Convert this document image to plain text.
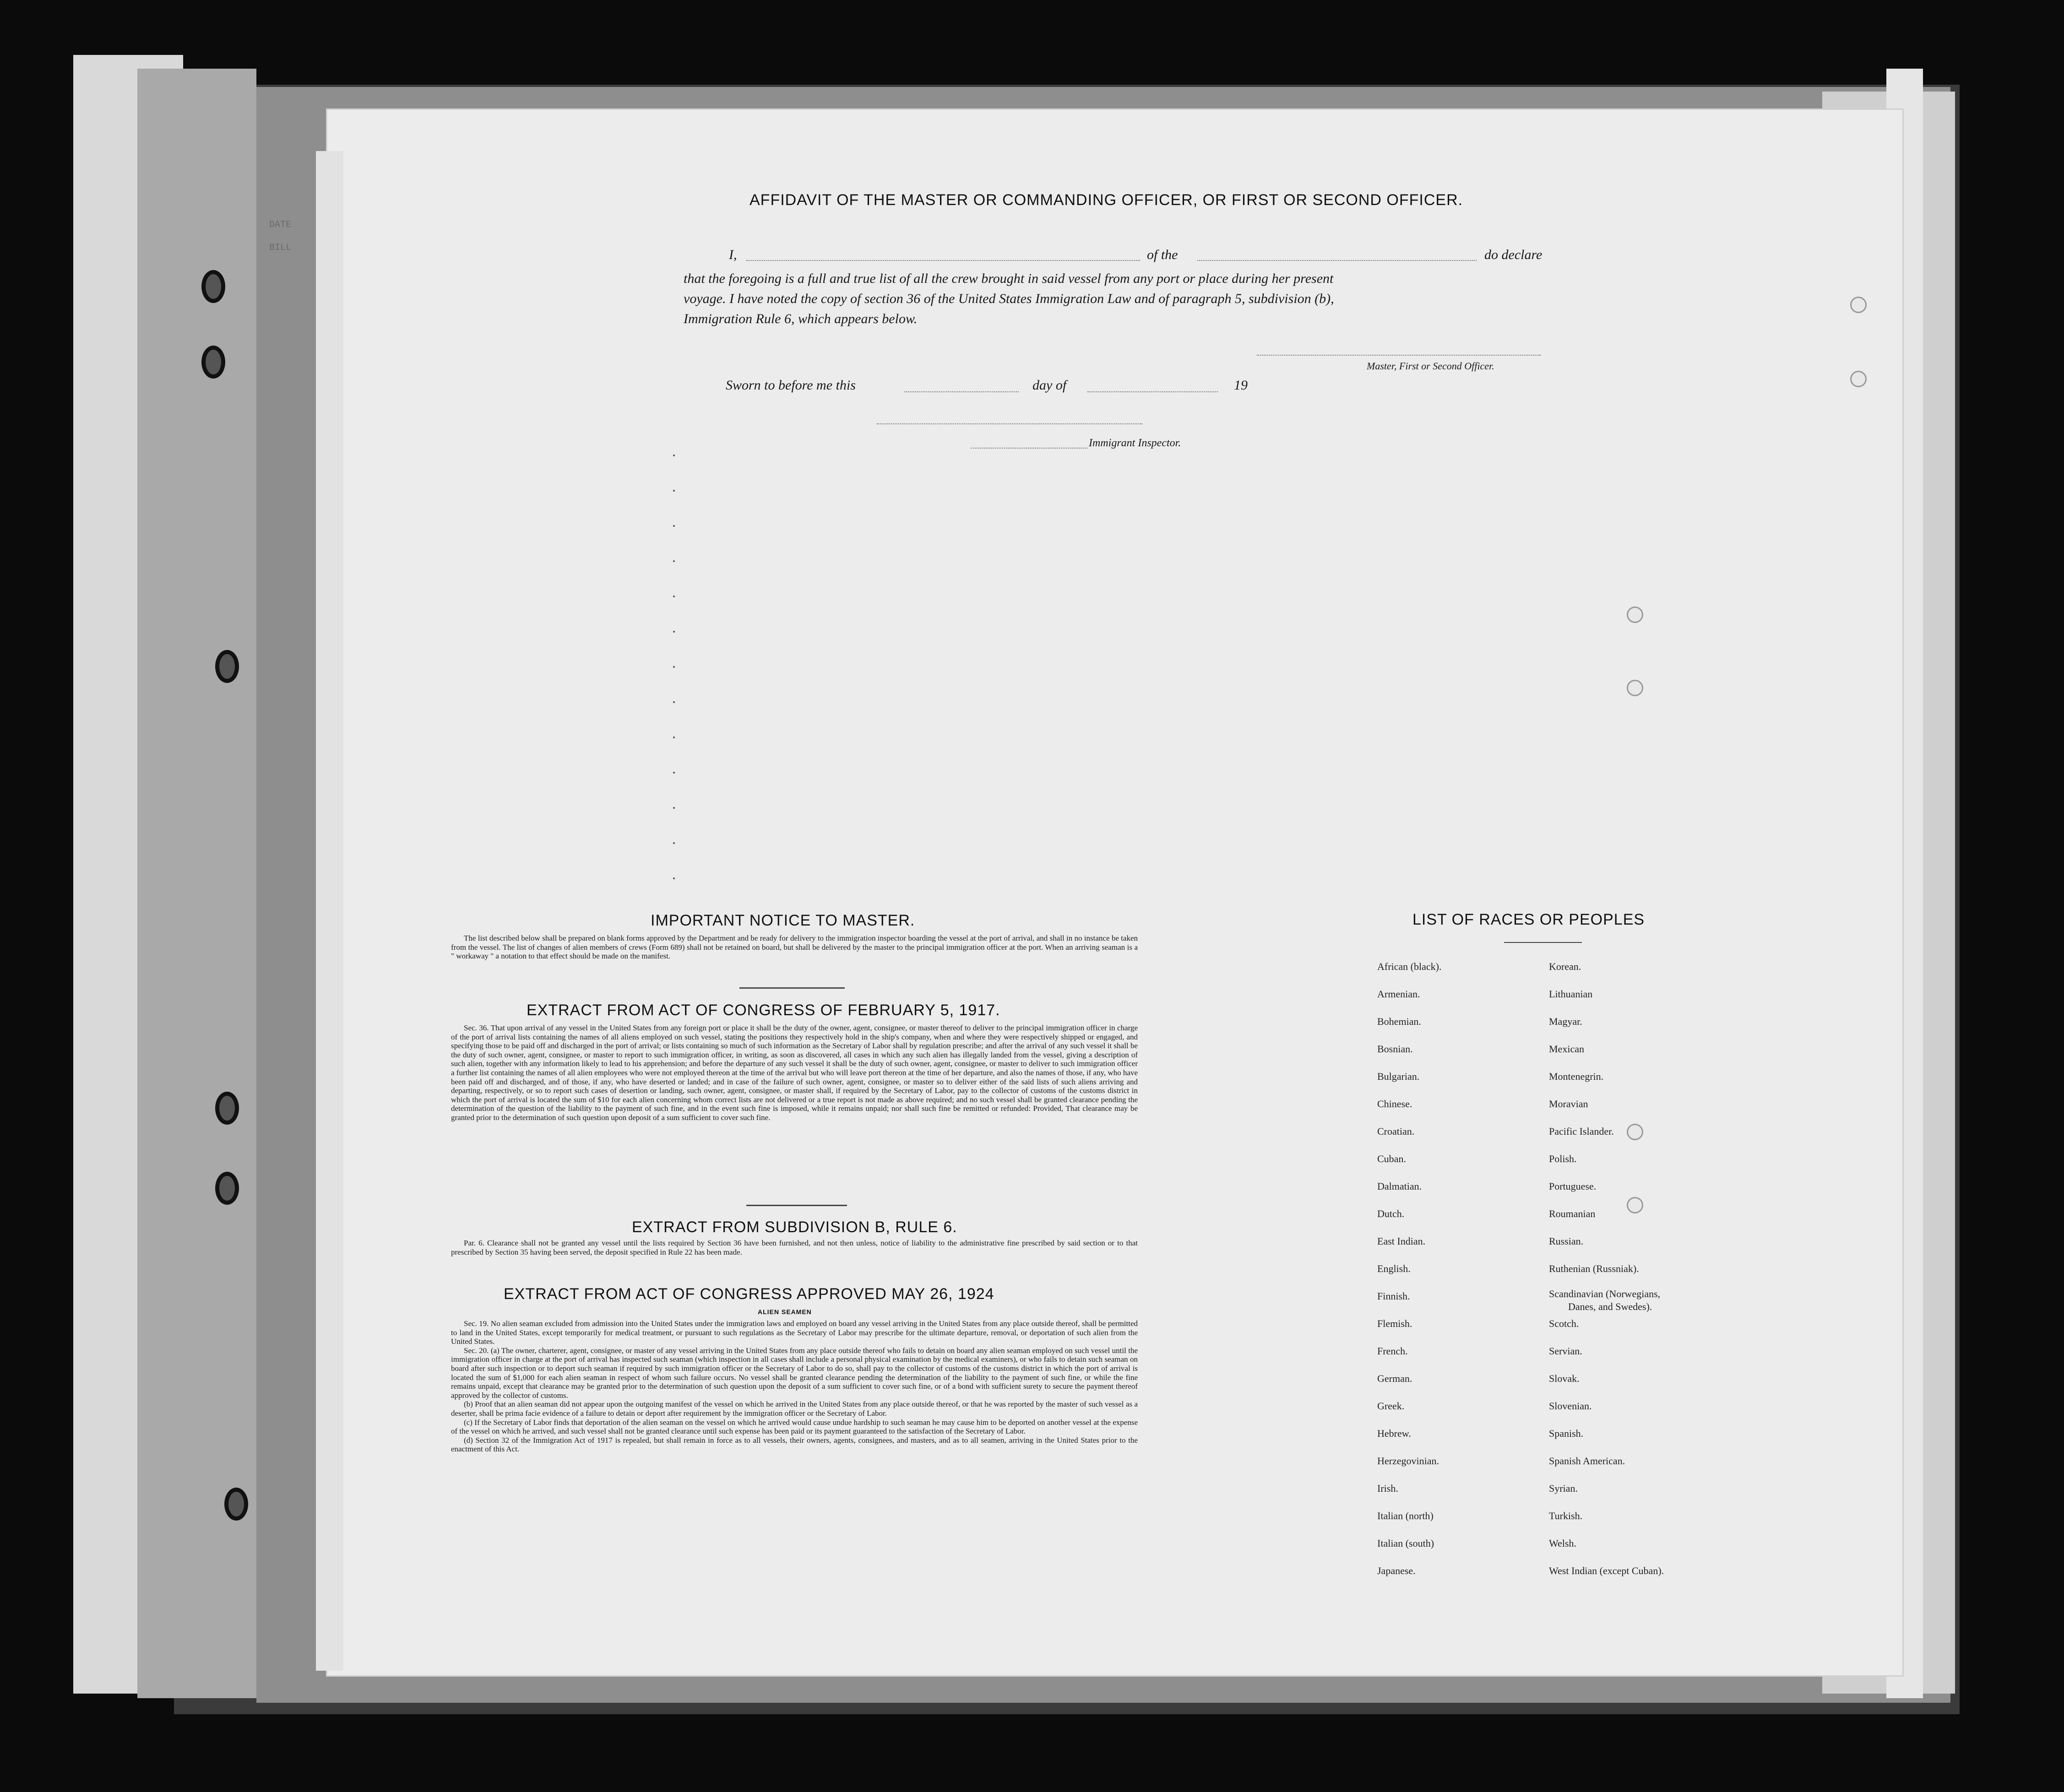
DATE
BILL
AFFIDAVIT OF THE MASTER OR COMMANDING OFFICER, OR FIRST OR SECOND OFFICER.
I,	of the	do declare
that the foregoing is a full and true list of all the crew brought in said vessel from any port or place during her present
voyage. I have noted the copy of section 36 of the United States Immigration Law and of paragraph 5, subdivision (b),
Immigration Rule 6, which appears below.
Master, First or Second Officer.
Sworn to before me this	day of	19
Immigrant Inspector.
IMPORTANT NOTICE TO MASTER.

The list described below shall be prepared on blank forms approved by the Department and be ready for delivery to the immigration inspector boarding the vessel at the port of arrival, and shall in no instance be taken from the vessel. The list of changes of alien members of crews (Form 689) shall not be retained on board, but shall be delivered by the master to the principal immigration officer at the port. When an arriving seaman is a " workaway " a notation to that effect should be made on the manifest.

EXTRACT FROM ACT OF CONGRESS OF FEBRUARY 5, 1917.

Sec. 36. That upon arrival of any vessel in the United States from any foreign port or place it shall be the duty of the owner, agent, consignee, or master thereof to deliver to the principal immigration officer in charge of the port of arrival lists containing the names of all aliens employed on such vessel, stating the positions they respectively hold in the ship's company, when and where they were respectively shipped or engaged, and specifying those to be paid off and discharged in the port of arrival; or lists containing so much of such information as the Secretary of Labor shall by regulation prescribe; and after the arrival of any such vessel it shall be the duty of such owner, agent, consignee, or master to report to such immigration officer, in writing, as soon as discovered, all cases in which any such alien has illegally landed from the vessel, giving a description of such alien, together with any information likely to lead to his apprehension; and before the departure of any such vessel it shall be the duty of such owner, agent, consignee, or master to deliver to such immigration officer a further list containing the names of all alien employees who were not employed thereon at the time of the arrival but who will leave port thereon at the time of her departure, and also the names of those, if any, who have been paid off and discharged, and of those, if any, who have deserted or landed; and in case of the failure of such owner, agent, consignee, or master so to deliver either of the said lists of such aliens arriving and departing, respectively, or so to report such cases of desertion or landing, such owner, agent, consignee, or master shall, if required by the Secretary of Labor, pay to the collector of customs of the customs district in which the port of arrival is located the sum of $10 for each alien concerning whom correct lists are not delivered or a true report is not made as above required; and no such vessel shall be granted clearance pending the determination of the question of the liability to the payment of such fine, and in the event such fine is imposed, while it remains unpaid; nor shall such fine be remitted or refunded: Provided, That clearance may be granted prior to the determination of such question upon deposit of a sum sufficient to cover such fine.

EXTRACT FROM SUBDIVISION B, RULE 6.

Par. 6. Clearance shall not be granted any vessel until the lists required by Section 36 have been furnished, and not then unless, notice of liability to the administrative fine prescribed by said section or to that prescribed by Section 35 having been served, the deposit specified in Rule 22 has been made.

EXTRACT FROM ACT OF CONGRESS APPROVED MAY 26, 1924
ALIEN SEAMEN

Sec. 19. No alien seaman excluded from admission into the United States under the immigration laws and employed on board any vessel arriving in the United States from any place outside thereof, shall be permitted to land in the United States, except temporarily for medical treatment, or pursuant to such regulations as the Secretary of Labor may prescribe for the ultimate departure, removal, or deportation of such alien from the United States.

Sec. 20. (a) The owner, charterer, agent, consignee, or master of any vessel arriving in the United States from any place outside thereof who fails to detain on board any alien seaman employed on such vessel until the immigration officer in charge at the port of arrival has inspected such seaman (which inspection in all cases shall include a personal physical examination by the medical examiners), or who fails to detain such seaman on board after such inspection or to deport such seaman if required by such immigration officer or the Secretary of Labor to do so, shall pay to the collector of customs of the customs district in which the port of arrival is located the sum of $1,000 for each alien seaman in respect of whom such failure occurs. No vessel shall be granted clearance pending the determination of the liability to the payment of such fine, or while the fine remains unpaid, except that clearance may be granted prior to the determination of such question upon the deposit of a sum sufficient to cover such fine, or of a bond with sufficient surety to secure the payment thereof approved by the collector of customs.

(b) Proof that an alien seaman did not appear upon the outgoing manifest of the vessel on which he arrived in the United States from any place outside thereof, or that he was reported by the master of such vessel as a deserter, shall be prima facie evidence of a failure to detain or deport after requirement by the immigration officer or the Secretary of Labor.

(c) If the Secretary of Labor finds that deportation of the alien seaman on the vessel on which he arrived would cause undue hardship to such seaman he may cause him to be deported on another vessel at the expense of the vessel on which he arrived, and such vessel shall not be granted clearance until such expense has been paid or its payment guaranteed to the satisfaction of the Secretary of Labor.

(d) Section 32 of the Immigration Act of 1917 is repealed, but shall remain in force as to all vessels, their owners, agents, consignees, and masters, and as to all seamen, arriving in the United States prior to the enactment of this Act.

LIST OF RACES OR PEOPLES
African (black).
Armenian.
Bohemian.
Bosnian.
Bulgarian.
Chinese.
Croatian.
Cuban.
Dalmatian.
Dutch.
East Indian.
English.
Finnish.
Flemish.
French.
German.
Greek.
Hebrew.
Herzegovinian.
Irish.
Italian (north)
Italian (south)
Japanese.
Korean.
Lithuanian
Magyar.
Mexican
Montenegrin.
Moravian
Pacific Islander.
Polish.
Portuguese.
Roumanian
Russian.
Ruthenian (Russniak).
Scandinavian (Norwegians,
Danes, and Swedes).
Scotch.
Servian.
Slovak.
Slovenian.
Spanish.
Spanish American.
Syrian.
Turkish.
Welsh.
West Indian (except Cuban).
